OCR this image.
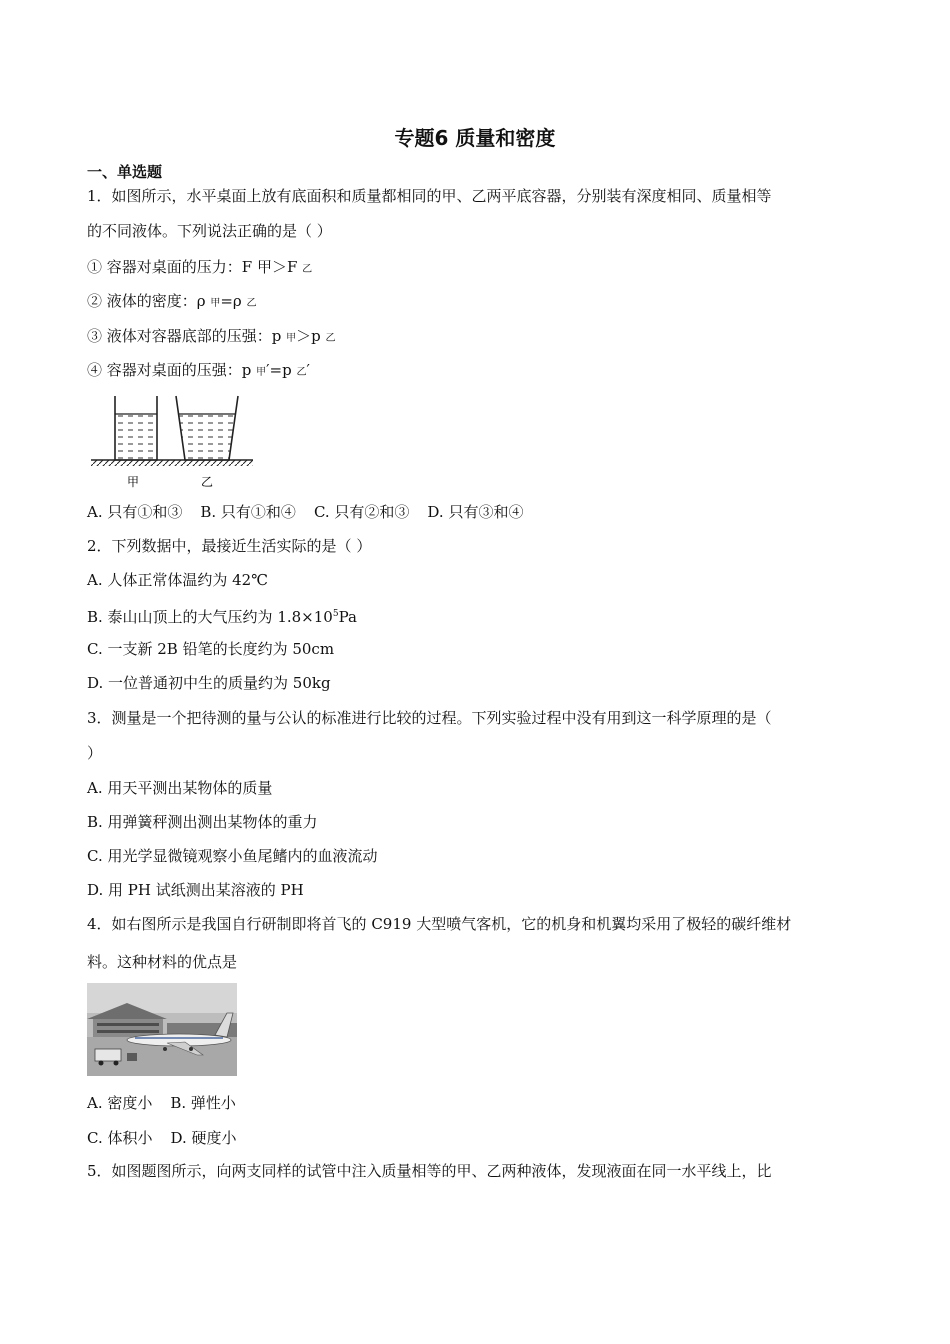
专题6 质量和密度
一、单选题
1．如图所示，水平桌面上放有底面积和质量都相同的甲、乙两平底容器，分别装有深度相同、质量相等
的不同液体。下列说法正确的是（ ）
① 容器对桌面的压力：F 甲＞F 乙
② 液体的密度：ρ 甲=ρ 乙
③ 液体对容器底部的压强：p 甲＞p 乙
④ 容器对桌面的压强：p 甲′=p 乙′
甲	乙
A. 只有①和③ B. 只有①和④ C. 只有②和③ D. 只有③和④
2．下列数据中，最接近生活实际的是（ ）
A. 人体正常体温约为 42℃
B. 泰山山顶上的大气压约为 $1.8\times 10^5Pa$
C. 一支新 2B 铅笔的长度约为 50cm
D. 一位普通初中生的质量约为 50kg
3．测量是一个把待测的量与公认的标准进行比较的过程。下列实验过程中没有用到这一科学原理的是（
）
A. 用天平测出某物体的质量
B. 用弹簧秤测出测出某物体的重力
C. 用光学显微镜观察小鱼尾鳍内的血液流动
D. 用 PH 试纸测出某溶液的 PH
4．如右图所示是我国自行研制即将首飞的 C919 大型喷气客机，它的机身和机翼均采用了极轻的碳纤维材
料。这种材料的优点是
A. 密度小 B. 弹性小
C. 体积小 D. 硬度小
5．如图题图所示，向两支同样的试管中注入质量相等的甲、乙两种液体，发现液面在同一水平线上，比
